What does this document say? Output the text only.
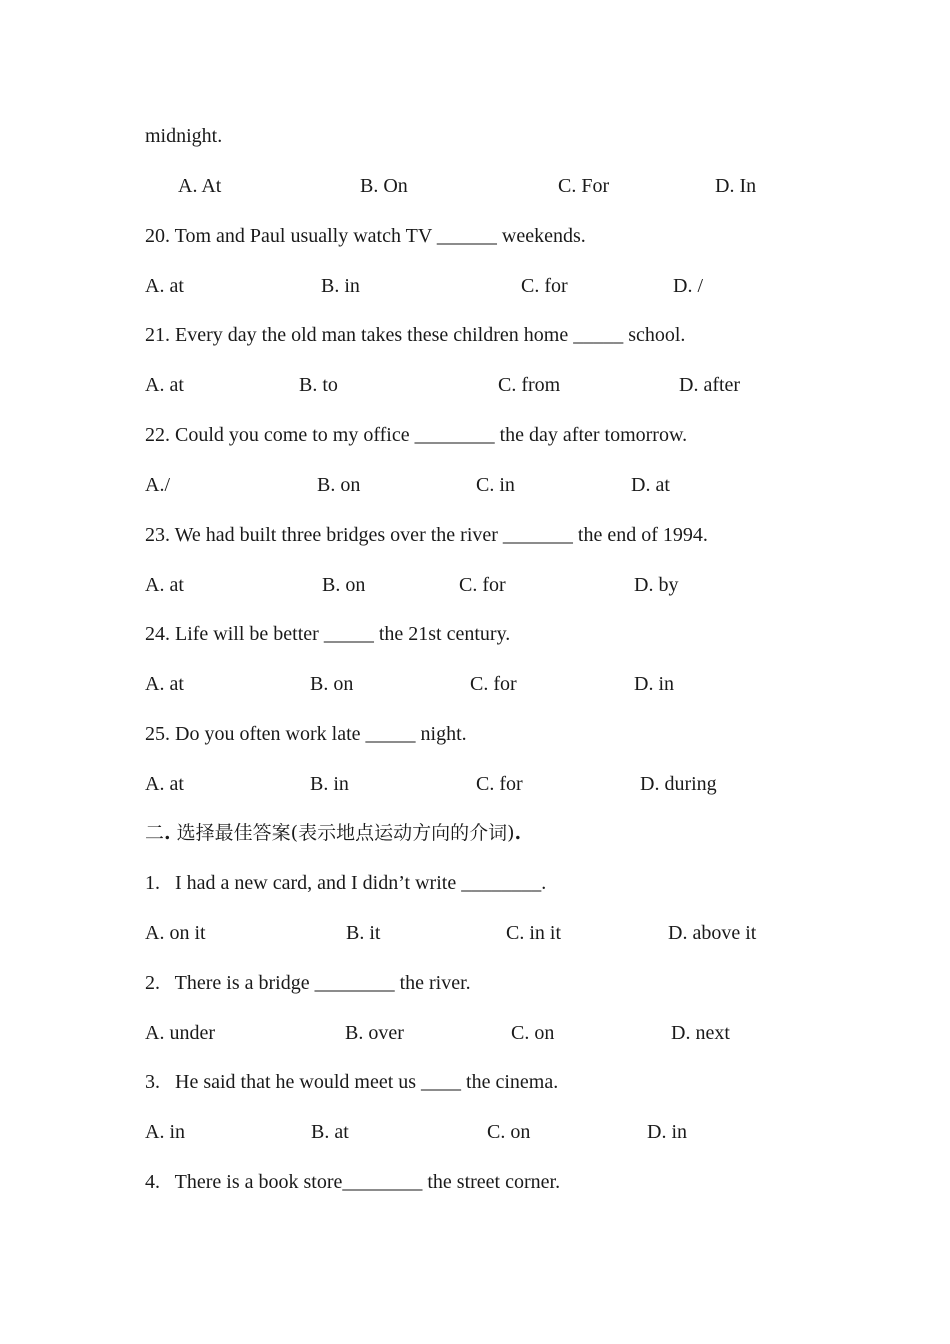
midnight.

A. At

	B. On

	C. For

	D. In

20. Tom and Paul usually watch TV ______ weekends.

A. at

	B. in

	C. for

	D. /

21. Every day the old man takes these children home _____ school.

A. at

	B. to

	C. from

	D. after

22. Could you come to my office ________ the day after tomorrow.

A./

	B. on

	C. in

	D. at

23. We had built three bridges over the river _______ the end of 1994.

A. at

	B. on

	C. for

	D. by

24. Life will be better _____ the 21st century.

A. at

	B. on

	C. for

	D. in

25. Do you often work late _____ night.

A. at

	B. in

	C. for

	D. during

二. 选择最佳答案(表示地点运动方向的介词).

1.   I had a new card, and I didn’t write ________.

A. on it

	B. it

	C. in it

	D. above it

2.   There is a bridge ________ the river.

A. under

	B. over

	C. on

	D. next

3.   He said that he would meet us ____ the cinema.

A. in

	B. at

	C. on

	D. in

4.   There is a book store________ the street corner.
